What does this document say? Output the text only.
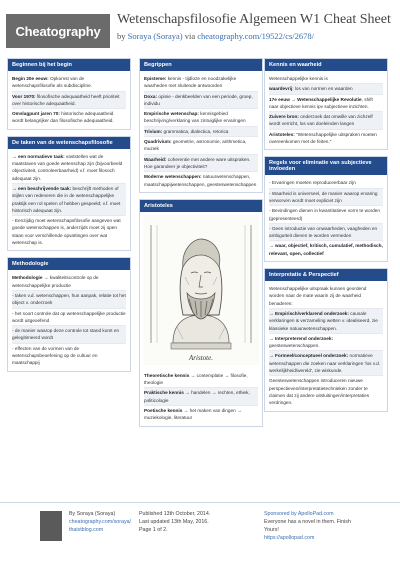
Cheatography
Wetenschapsfilosofie Algemeen W1 Cheat Sheet
by Soraya (Soraya) via cheatography.com/19522/cs/2678/
Beginnen bij het begin

Begin 20e eeuw: Opkomst van de wetenschapsfilosofie als subdiscipline.

Voor 1970: filosofische adequaatheid heeft prioriteit over historische adequaatheid.

Omslagpunt jaren 70: historische adequaatheid wordt belangrijker dan filosofische adequaatheid.

De taken van de wetenschapsfilosofie

→ een normatieve taak: vaststellen wat de maatstaven van goede wetenschap zijn (bijvoorbeeld objectiviteit, controleerbaarheid) v.f. moet filosoch adequaat zijn.

→ een beschrijvende taak: beschrijft methoden of stijlen van redeneren die in de wetenschappelijke praktijk een rol spelen of hebben gespeeld; v.f. moet historisch adequaat zijn.

- Eenzijdig moet wetenschapsfilosofie aangeven wat goede wetenschappen is, anderzijds moet zij open staan voor verschillende opvattingen over wat wetenschap is.

Methodologie

Methodologie → kwaliteitscontrole op de wetenschappelijke productie

- taken v.d. wetenschappen, hun aanpak, relatie tot het object v. onderzoek

- het soort controle dat op wetenschappelijke productie wordt uitgeoefend

- de manier waarop deze controle tot stand komt en gelegitimeerd wordt

- effecten van de vormen van de wetenschapsbeoefening op de cultuur en maatschappij

Begrippen

Episteme: kennis - tijdloze en noodzakelijke waarheden met sluitende antwoorden

Doxa: opinie - denkbeelden van een periode, groep, individu

Empirische wetenschap: kennisgebied beschrijving/verklaring van zintuiglijke ervaringen

Trivium: grammatica, dialectica, retorica

Quadrivium: geometrie, astronomie, arithmetica, muziek

Waarheid: coherentie met andere ware uitspraken. Hoe garandeer je objectiviteit?

Moderne wetenschappen: natuurwetenschappen, maatschappijwetenschappen, geesteswetenschappen

Aristoteles
Aristote.

Theoretische kennis → contemplatie → filosofie, theologie

Praktische kennis → handelen → rechten, ethiek, politicologie

Poetische kennis → het maken van dingen → muziekologie, literatuur

Kennis en waarheid

Wetenschappelijke kennis is

waardevrij: los van normen en waarden

17e eeuw → Wetenschappelijke Revolutie, shift naar objectieve kennis ipv subjectieve inzichten.

Zuivere bron: onderzoek dat omwille van zichzelf wordt verricht, los van doeleinden langen

Aristoteles: "Wetenschappelijke uitspraken moeten overeenkomen met de feiten."

Regels voor eliminatie van subjectieve invloeden

- Ervaringen moeten reproduceerbaar zijn

- Waarheid is universeel, de manier waarop ervaring verworven wordt moet expliciet zijn

- Bevindingen dienen in kwantitatieve vorm te worden (gepresenteerd)

- Geen introductie van onwaarheden, vaagheden en ambiguïteit dienen te worden vermeden

→ waar, objectief, kritisch, cumulatief, methodisch, relevant, open, collectief

Interpretatie & Perspectief

Wetenschappelijke uitspraak kunnen geordend worden naar de mate waarin zij de waarheid benaderen:

→ Empirisch/verklarend onderzoek: causale verklaringen & verzameling wetten v. idealiseerd, zie klassieke natuurwetenschappen.

→ Interpreterend onderzoek: geesteswetenschappen.

→ Formeel/conceptueel onderzoek: normatieve wetenschappen die zoeken naar verklaringen 'los v.d. werkelijkheid/wereld', zie wiskunde.

Geesteswetenschappen introduceren nieuwe perspectieven/interpretatietechnieken zonder te claimen dat zij andere uitsluitingen/interpretaties verdringen.

By Soraya (Soraya)
cheatography.com/soraya/
thaistblog.com
Published 13th October, 2014.
Last updated 13th May, 2016.
Page 1 of 2.
Sponsored by ApolloPad.com
Everyone has a novel in them. Finish
Yours!
https://apollopad.com
